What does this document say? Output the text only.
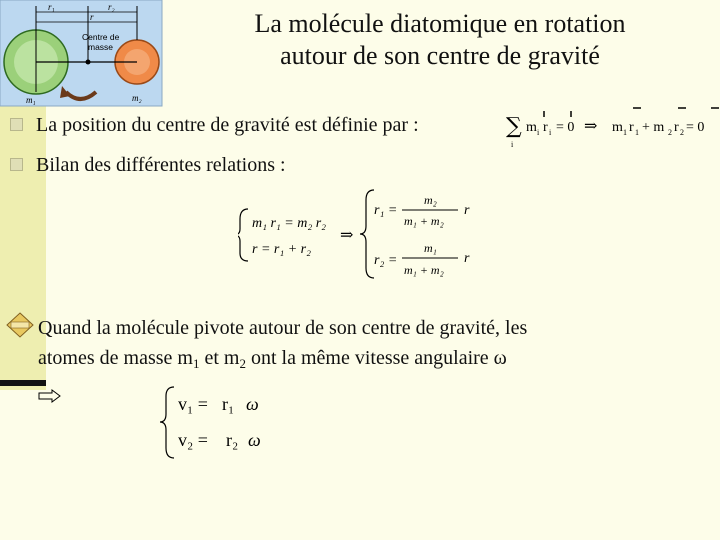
r₁	r₂
r
Centre de
masse
m₁	m₂
La molécule diatomique en rotation
autour de son centre de gravité
La position du centre de gravité est définie par :	∑
i
m i r i = 0 ⇒ m 1 r 1 + m 2 r 2 = 0
Bilan des différentes relations :
m₁ r₁ = m₂ r₂
r = r₁ + r₂
⇒
r₁ =
m₂
m₁ + m₂
r
r₂ =
m₁
m₁ + m₂
r
Quand la molécule pivote autour de son centre de gravité, les
atomes de masse $m_1$ et $m_2$ ont la même vitesse angulaire ω
v₁ = r₁ ω
v₂ = r₂ ω
